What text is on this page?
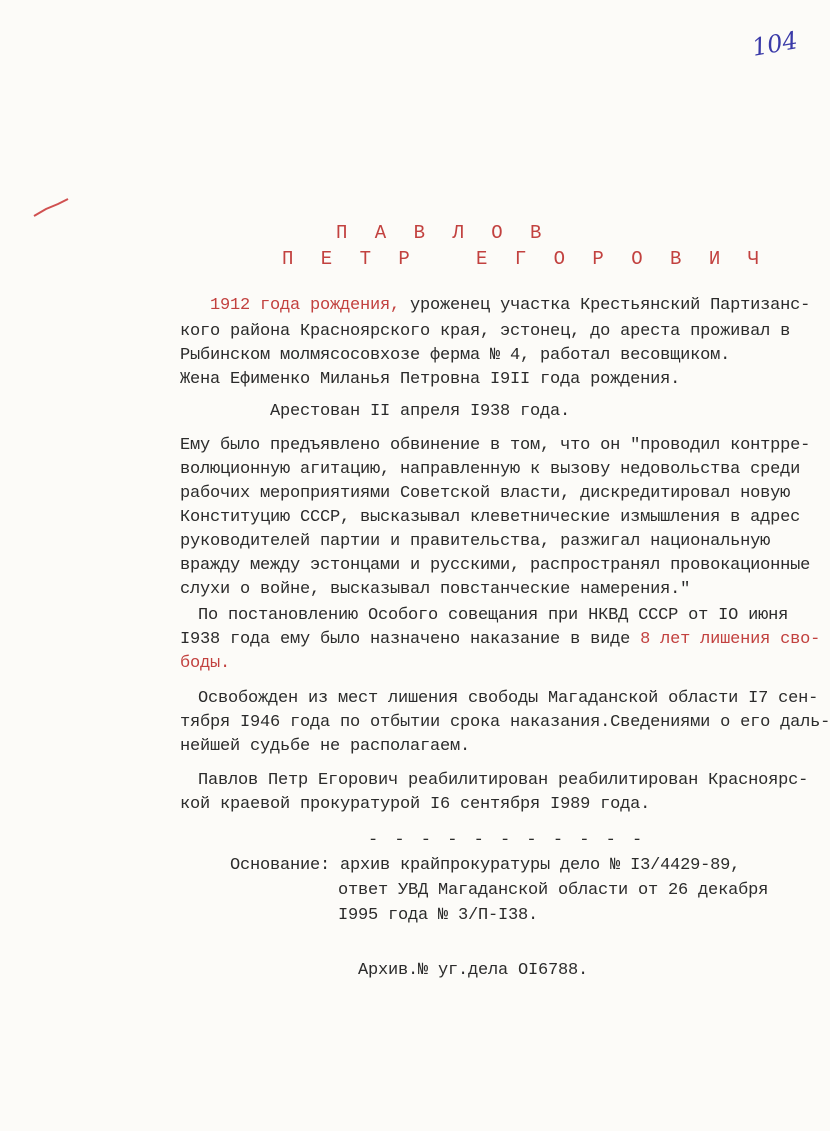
104
П А В Л О В
П Е Т Р   Е Г О Р О В И Ч
1912 года рождения, уроженец участка Крестьянский Партизанс-
кого района Красноярского края, эстонец, до ареста проживал в
Рыбинском молмясосовхозе ферма № 4, работал весовщиком.
Жена Ефименко Миланья Петровна I9II года рождения.
Арестован II апреля I938 года.
Ему было предъявлено обвинение в том, что он "проводил контрре-
волюционную агитацию, направленную к вызову недовольства среди
рабочих мероприятиями Советской власти, дискредитировал новую
Конституцию СССР, высказывал клеветнические измышления в адрес
руководителей партии и правительства, разжигал национальную
вражду между эстонцами и русскими, распространял провокационные
слухи о войне, высказывал повстанческие намерения."
По постановлению Особого совещания при НКВД СССР от IO июня
I938 года ему было назначено наказание в виде 8 лет лишения сво-
боды.
Освобожден из мест лишения свободы Магаданской области I7 сен-
тября I946 года по отбытии срока наказания.Сведениями о его даль-
нейшей судьбе не располагаем.
Павлов Петр Егорович реабилитирован реабилитирован Красноярс-
кой краевой прокуратурой I6 сентября I989 года.
- - - - - - - - - - -
Основание: архив крайпрокуратуры дело № I3/4429-89,
ответ УВД Магаданской области от 26 декабря
I995 года № 3/П-I38.
Архив.№ уг.дела OI6788.
